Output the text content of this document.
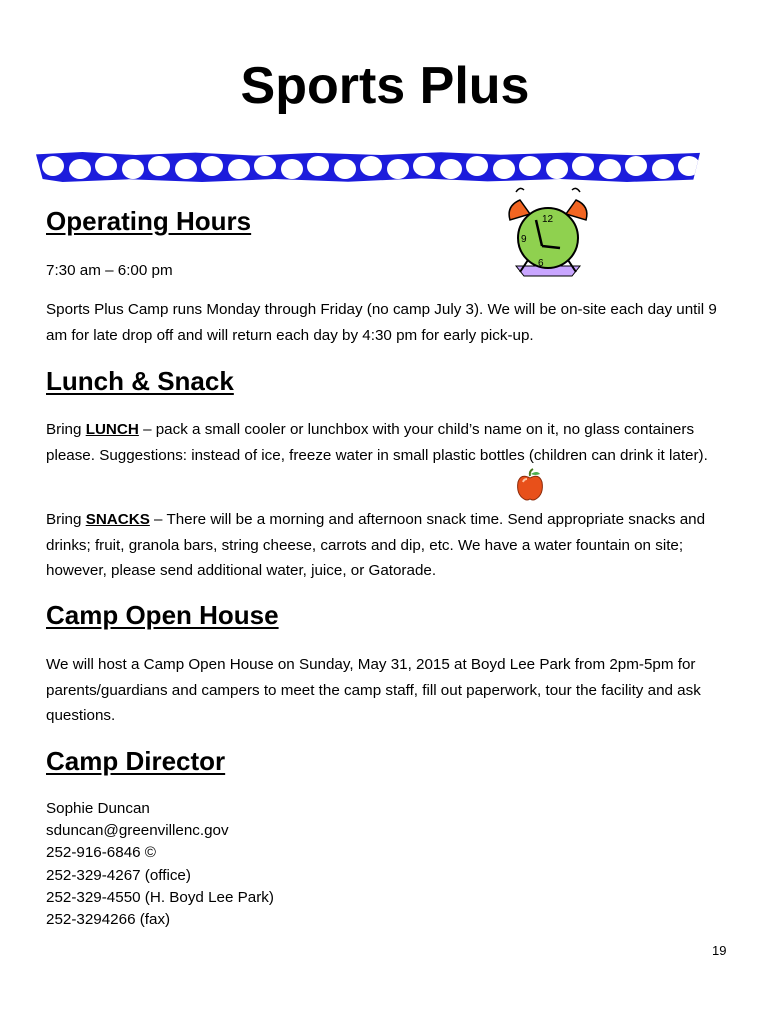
Sports Plus
Operating Hours

7:30 am – 6:00 pm

Sports Plus Camp runs Monday through Friday (no camp July 3). We will be on-site each day until 9 am for late drop off and will return each day by 4:30 pm for early pick-up.

12
9
6
Lunch & Snack

Bring LUNCH – pack a small cooler or lunchbox with your child’s name on it, no glass containers please. Suggestions: instead of ice, freeze water in small plastic bottles (children can drink it later).

Bring SNACKS – There will be a morning and afternoon snack time. Send appropriate snacks and drinks; fruit, granola bars, string cheese, carrots and dip, etc. We have a water fountain on site; however, please send additional water, juice, or Gatorade.

Camp Open House

We will host a Camp Open House on Sunday, May 31, 2015 at Boyd Lee Park from 2pm-5pm for parents/guardians and campers to meet the camp staff, fill out paperwork, tour the facility and ask questions.

Camp Director
Sophie Duncan
sduncan@greenvillenc.gov
252-916-6846 ©
252-329-4267 (office)
252-329-4550 (H. Boyd Lee Park)
252-3294266 (fax)
19
